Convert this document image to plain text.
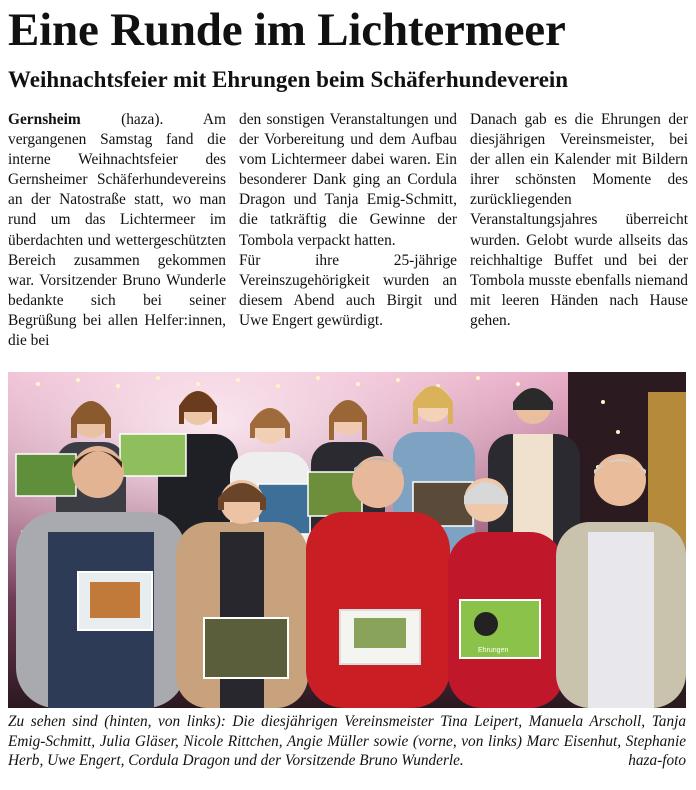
Eine Runde im Lichtermeer
Weihnachtsfeier mit Ehrungen beim Schäferhundeverein

Gernsheim	(haza). Am vergangenen Samstag fand die interne Weihnachtsfeier des Gernsheimer Schäferhundevereins an der Natostraße statt, wo man rund um das Lichtermeer im überdachten und wettergeschützten Bereich zusammen gekommen war. Vorsitzender Bruno Wunderle bedankte sich bei seiner Begrüßung bei allen Helfer:innen, die bei

den sonstigen Veranstaltungen und der Vorbereitung und dem Aufbau vom Lichtermeer dabei waren. Ein besonderer Dank ging an Cordula Dragon und Tanja Emig-Schmitt, die tatkräftig die Gewinne der Tombola verpackt hatten.

Für ihre 25-jährige Vereinszugehörigkeit wurden an diesem Abend auch Birgit und Uwe Engert gewürdigt.

Danach gab es die Ehrungen der diesjährigen Vereinsmeister, bei der allen ein Kalender mit Bildern ihrer schönsten Momente des zurückliegenden Veranstaltungsjahres überreicht wurden. Gelobt wurde allseits das reichhaltige Buffet und bei der Tombola musste ebenfalls niemand mit leeren Händen nach Hause gehen.

Ehrungen
Zu sehen sind (hinten, von links): Die diesjährigen Vereinsmeister Tina Leipert, Manuela Arscholl, Tanja Emig-Schmitt, Julia Gläser, Nicole Rittchen, Angie Müller sowie (vorne, von links) Marc Eisenhut, Stephanie Herb, Uwe Engert, Cordula Dragon und der Vorsitzende Bruno Wunderle.	haza-foto
